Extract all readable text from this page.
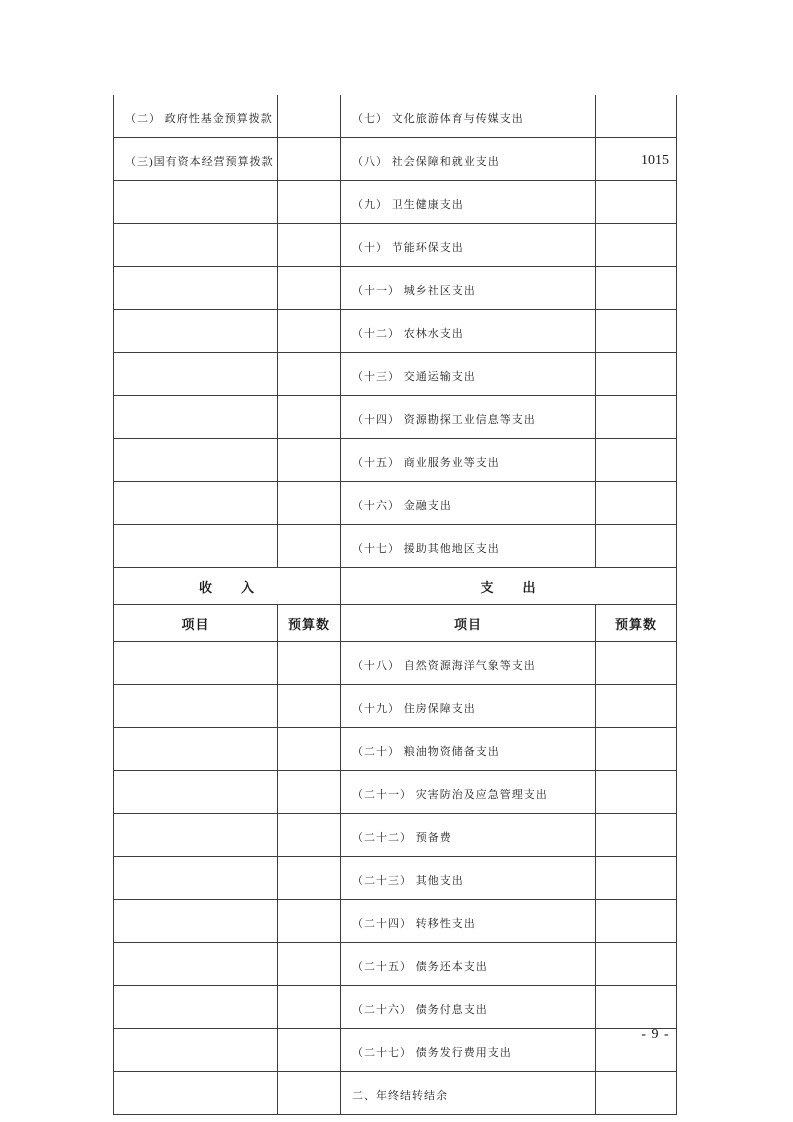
（二） 政府性基金预算拨款		（七） 文化旅游体育与传媒支出	
（三)国有资本经营预算拨款		（八） 社会保障和就业支出	1015
		（九） 卫生健康支出	
		（十） 节能环保支出	
		（十一） 城乡社区支出	
		（十二） 农林水支出	
		（十三） 交通运输支出	
		（十四） 资源勘探工业信息等支出	
		（十五） 商业服务业等支出	
		（十六） 金融支出	
		（十七） 援助其他地区支出	
收　　入		支　　出	
项目	预算数	项目	预算数
		（十八） 自然资源海洋气象等支出	
		（十九） 住房保障支出	
		（二十） 粮油物资储备支出	
		（二十一） 灾害防治及应急管理支出	
		（二十二） 预备费	
		（二十三） 其他支出	
		（二十四） 转移性支出	
		（二十五） 债务还本支出	
		（二十六） 债务付息支出	
		（二十七） 债务发行费用支出	
		二、年终结转结余	
- 9 -
